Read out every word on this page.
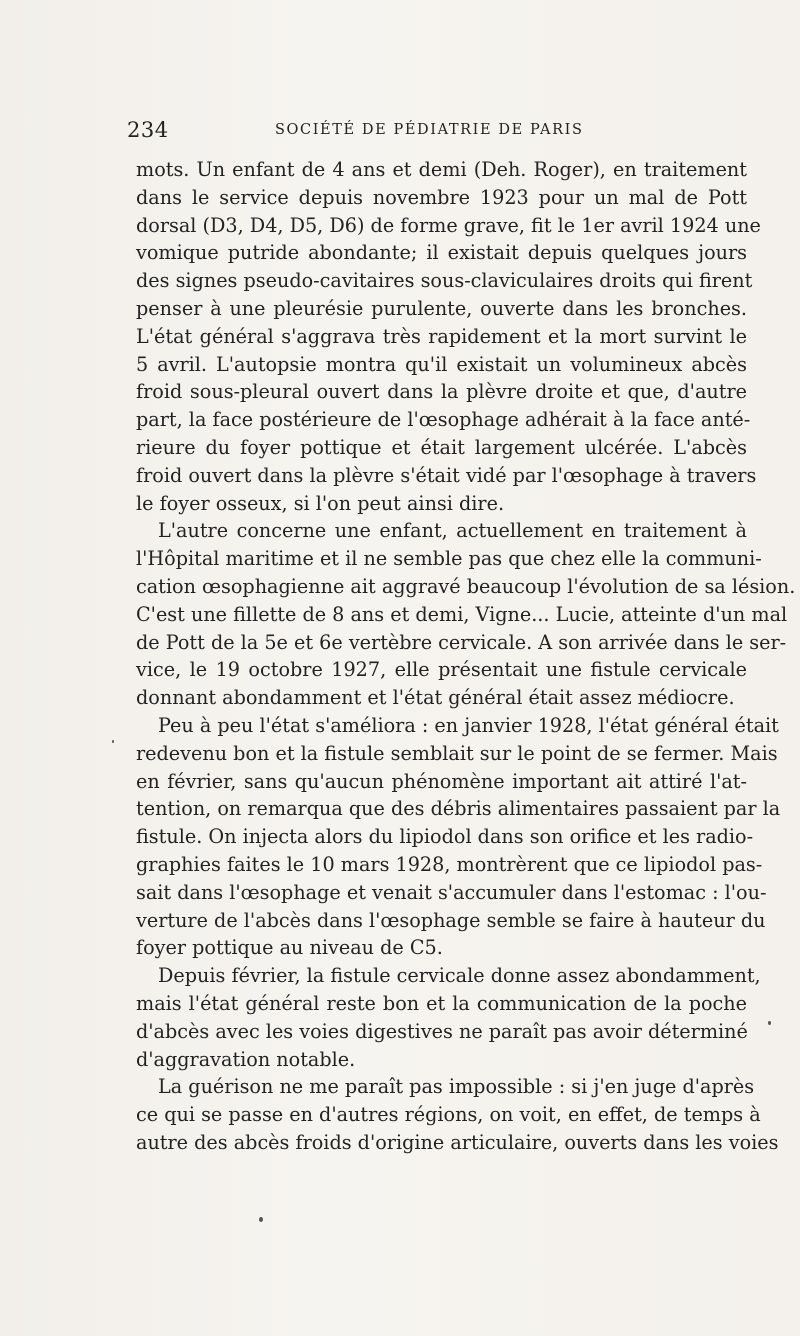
234	SOCIÉTÉ DE PÉDIATRIE DE PARIS

mots. Un enfant de 4 ans et demi (Deh. Roger), en traitement
dans le service depuis novembre 1923 pour un mal de Pott
dorsal (D3, D4, D5, D6) de forme grave, fit le 1er avril 1924 une
vomique putride abondante; il existait depuis quelques jours
des signes pseudo-cavitaires sous-claviculaires droits qui firent
penser à une pleurésie purulente, ouverte dans les bronches.
L'état général s'aggrava très rapidement et la mort survint le
5 avril. L'autopsie montra qu'il existait un volumineux abcès
froid sous-pleural ouvert dans la plèvre droite et que, d'autre
part, la face postérieure de l'œsophage adhérait à la face anté-
rieure du foyer pottique et était largement ulcérée. L'abcès
froid ouvert dans la plèvre s'était vidé par l'œsophage à travers
le foyer osseux, si l'on peut ainsi dire.

L'autre concerne une enfant, actuellement en traitement à
l'Hôpital maritime et il ne semble pas que chez elle la communi-
cation œsophagienne ait aggravé beaucoup l'évolution de sa lésion.
C'est une fillette de 8 ans et demi, Vigne... Lucie, atteinte d'un mal
de Pott de la 5e et 6e vertèbre cervicale. A son arrivée dans le ser-
vice, le 19 octobre 1927, elle présentait une fistule cervicale
donnant abondamment et l'état général était assez médiocre.

Peu à peu l'état s'améliora : en janvier 1928, l'état général était
redevenu bon et la fistule semblait sur le point de se fermer. Mais
en février, sans qu'aucun phénomène important ait attiré l'at-
tention, on remarqua que des débris alimentaires passaient par la
fistule. On injecta alors du lipiodol dans son orifice et les radio-
graphies faites le 10 mars 1928, montrèrent que ce lipiodol pas-
sait dans l'œsophage et venait s'accumuler dans l'estomac : l'ou-
verture de l'abcès dans l'œsophage semble se faire à hauteur du
foyer pottique au niveau de C5.

Depuis février, la fistule cervicale donne assez abondamment,
mais l'état général reste bon et la communication de la poche
d'abcès avec les voies digestives ne paraît pas avoir déterminé
d'aggravation notable.

La guérison ne me paraît pas impossible : si j'en juge d'après
ce qui se passe en d'autres régions, on voit, en effet, de temps à
autre des abcès froids d'origine articulaire, ouverts dans les voies
